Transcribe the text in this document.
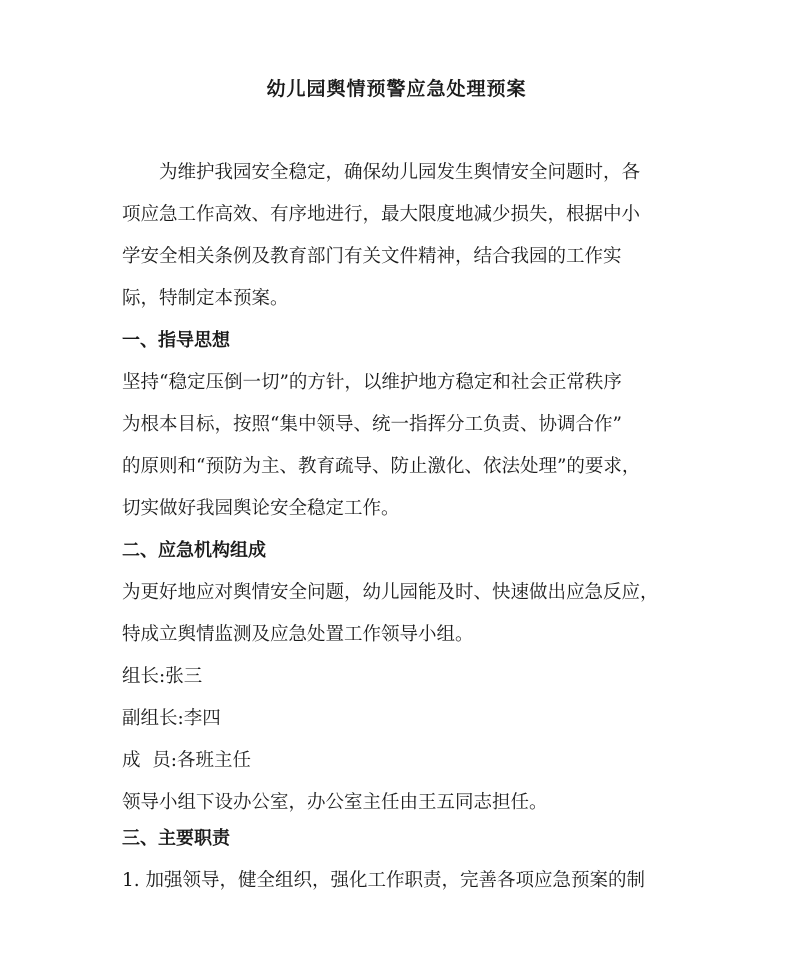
幼儿园舆情预警应急处理预案
为维护我园安全稳定，确保幼儿园发生舆情安全问题时，各
项应急工作高效、有序地进行，最大限度地减少损失，根据中小
学安全相关条例及教育部门有关文件精神，结合我园的工作实
际，特制定本预案。
一、指导思想
坚持“稳定压倒一切”的方针，以维护地方稳定和社会正常秩序
为根本目标，按照“集中领导、统一指挥分工负责、协调合作”
的原则和“预防为主、教育疏导、防止激化、依法处理”的要求，
切实做好我园舆论安全稳定工作。
二、应急机构组成
为更好地应对舆情安全问题，幼儿园能及时、快速做出应急反应，
特成立舆情监测及应急处置工作领导小组。
组长:张三
副组长:李四
成  员:各班主任
领导小组下设办公室，办公室主任由王五同志担任。
三、主要职责
1. 加强领导，健全组织，强化工作职责，完善各项应急预案的制
